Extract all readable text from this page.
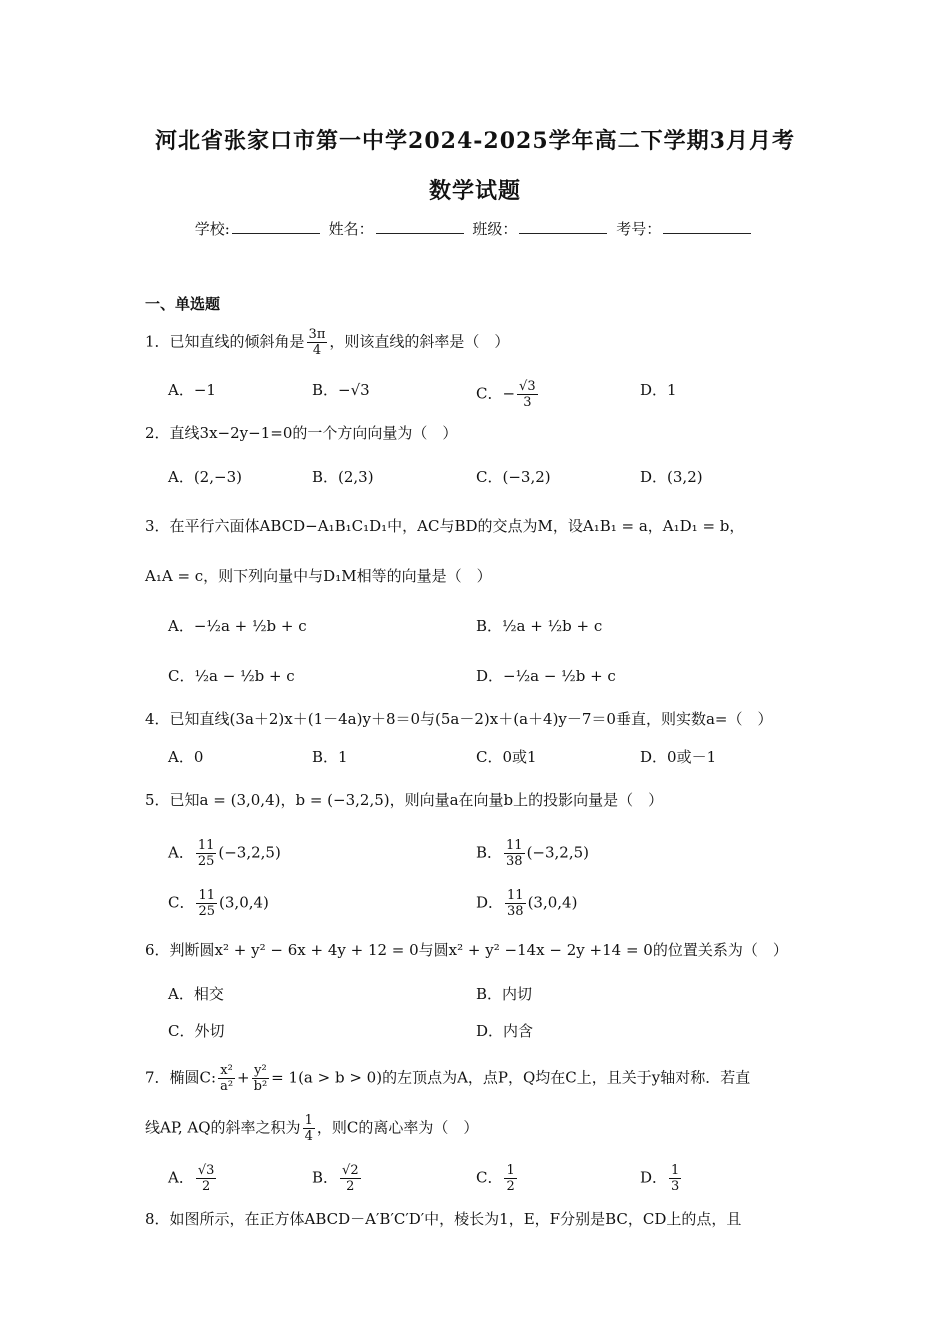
河北省张家口市第一中学2024-2025学年高二下学期3月月考
数学试题
学校:	姓名：	班级：	考号：
一、单选题
1．已知直线的倾斜角是 $\frac{3\pi}{4}$ ，则该直线的斜率是（　）
A．−1	B．−√3	C．− $\frac{√3}{3}$	D．1
2．直线3x−2y−1=0的一个方向向量为（　）
A．(2,−3)	B．(2,3)	C．(−3,2)	D．(3,2)
3．在平行六面体ABCD−A₁B₁C₁D₁中，AC与BD的交点为M，设A₁B₁ = a，A₁D₁ = b，
A₁A = c，则下列向量中与D₁M相等的向量是（　）
A．−½a + ½b + c	B．½a + ½b + c
C．½a − ½b + c	D．−½a − ½b + c
4．已知直线(3a＋2)x＋(1－4a)y＋8＝0与(5a－2)x＋(a＋4)y－7＝0垂直，则实数a=（　）
A．0	B．1	C．0或1	D．0或－1
5．已知a = (3,0,4)，b = (−3,2,5)，则向量a在向量b上的投影向量是（　）
A． $\frac{11}{25} (-3,2,5)$	B． $\frac{11}{38} (-3,2,5)$
C． $\frac{11}{25} (3,0,4)$	D． $\frac{11}{38} (3,0,4)$
6．判断圆x² + y² − 6x + 4y + 12 = 0与圆x² + y² −14x − 2y +14 = 0的位置关系为（　）
A．相交	B．内切
C．外切	D．内含
7．椭圆C: $\frac{\text{x²}}{\text{a²}} + \frac{\text{y²}}{\text{b²}} = 1(a > b > 0)$的左顶点为A，点P，Q均在C上，且关于y轴对称．若直
线AP, AQ的斜率之积为 $\frac{1}{4}$ ，则C的离心率为（　）
A． $\frac{√3}{2}$	B． $\frac{√2}{2}$	C． $\frac{1}{2}$	D． $\frac{1}{3}$
8．如图所示，在正方体ABCD－A′B′C′D′中，棱长为1，E，F分别是BC，CD上的点，且
